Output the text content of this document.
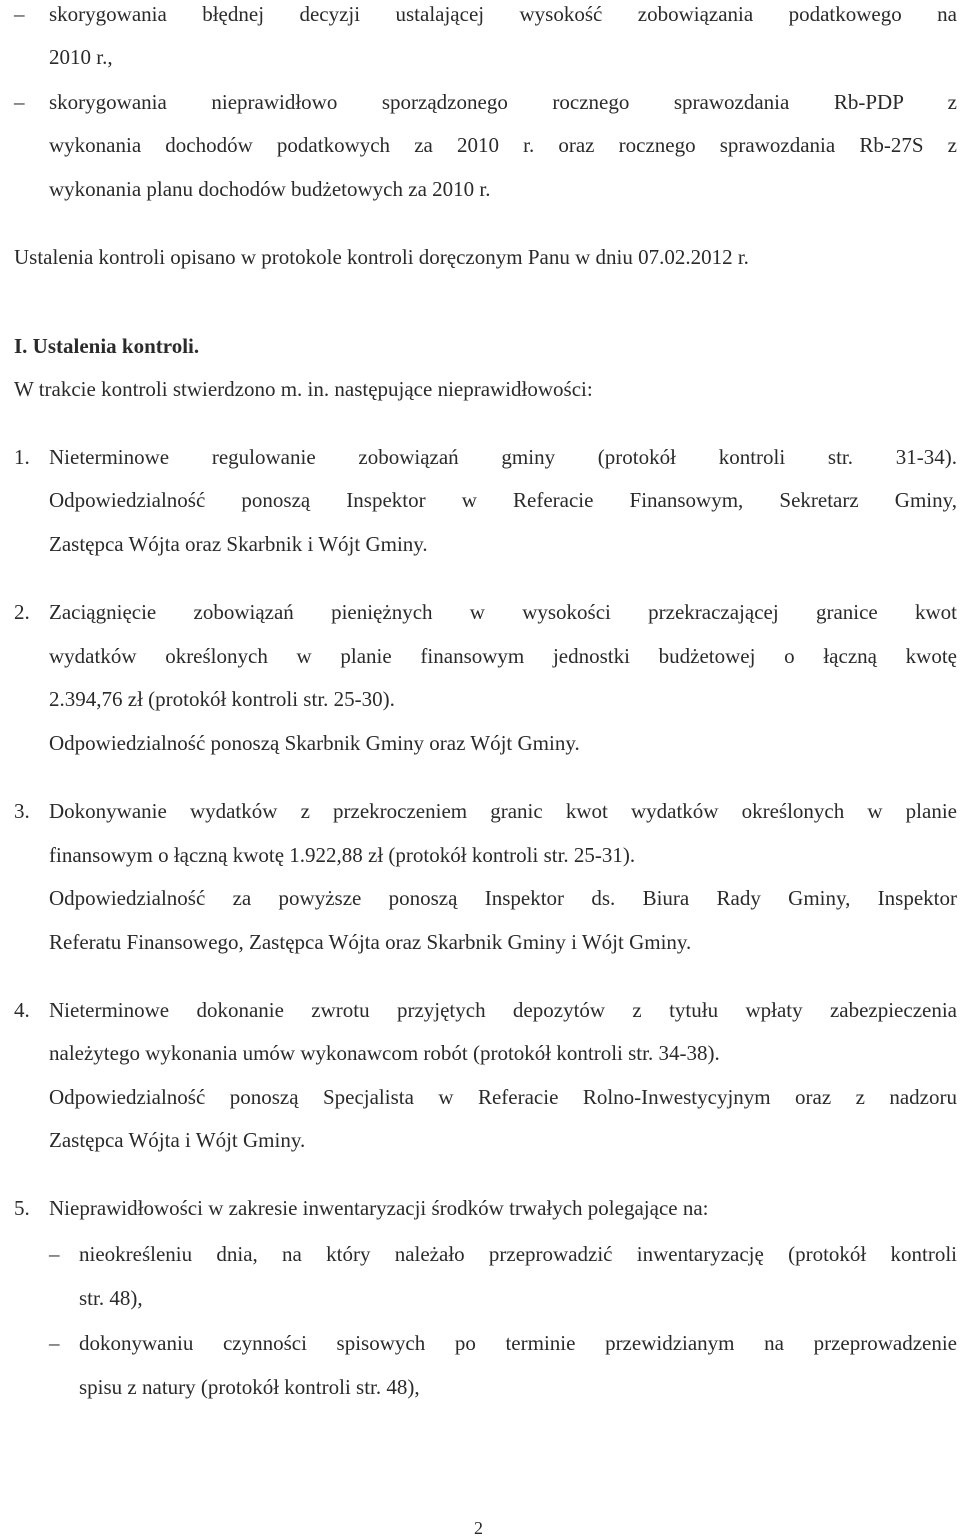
– skorygowania błędnej decyzji ustalającej wysokość zobowiązania podatkowego na
2010 r.,
– skorygowania nieprawidłowo sporządzonego rocznego sprawozdania Rb-PDP z
wykonania dochodów podatkowych za 2010 r. oraz rocznego sprawozdania Rb-27S z
wykonania planu dochodów budżetowych za 2010 r.
Ustalenia kontroli opisano w protokole kontroli doręczonym Panu w dniu 07.02.2012 r.
I. Ustalenia kontroli.
W trakcie kontroli stwierdzono m. in. następujące nieprawidłowości:
1. Nieterminowe regulowanie zobowiązań gminy (protokół kontroli str. 31-34).
Odpowiedzialność ponoszą Inspektor w Referacie Finansowym, Sekretarz Gminy,
Zastępca Wójta oraz Skarbnik i Wójt Gminy.
2. Zaciągnięcie zobowiązań pieniężnych w wysokości przekraczającej granice kwot
wydatków określonych w planie finansowym jednostki budżetowej o łączną kwotę
2.394,76 zł (protokół kontroli str. 25-30).
Odpowiedzialność ponoszą Skarbnik Gminy oraz Wójt Gminy.
3. Dokonywanie wydatków z przekroczeniem granic kwot wydatków określonych w planie
finansowym o łączną kwotę 1.922,88 zł (protokół kontroli str. 25-31).
Odpowiedzialność za powyższe ponoszą Inspektor ds. Biura Rady Gminy, Inspektor
Referatu Finansowego, Zastępca Wójta oraz Skarbnik Gminy i Wójt Gminy.
4. Nieterminowe dokonanie zwrotu przyjętych depozytów z tytułu wpłaty zabezpieczenia
należytego wykonania umów wykonawcom robót (protokół kontroli str. 34-38).
Odpowiedzialność ponoszą Specjalista w Referacie Rolno-Inwestycyjnym oraz z nadzoru
Zastępca Wójta i Wójt Gminy.
5. Nieprawidłowości w zakresie inwentaryzacji środków trwałych polegające na:
– nieokreśleniu dnia, na który należało przeprowadzić inwentaryzację (protokół kontroli
str. 48),
– dokonywaniu czynności spisowych po terminie przewidzianym na przeprowadzenie
spisu z natury (protokół kontroli str. 48),
2
